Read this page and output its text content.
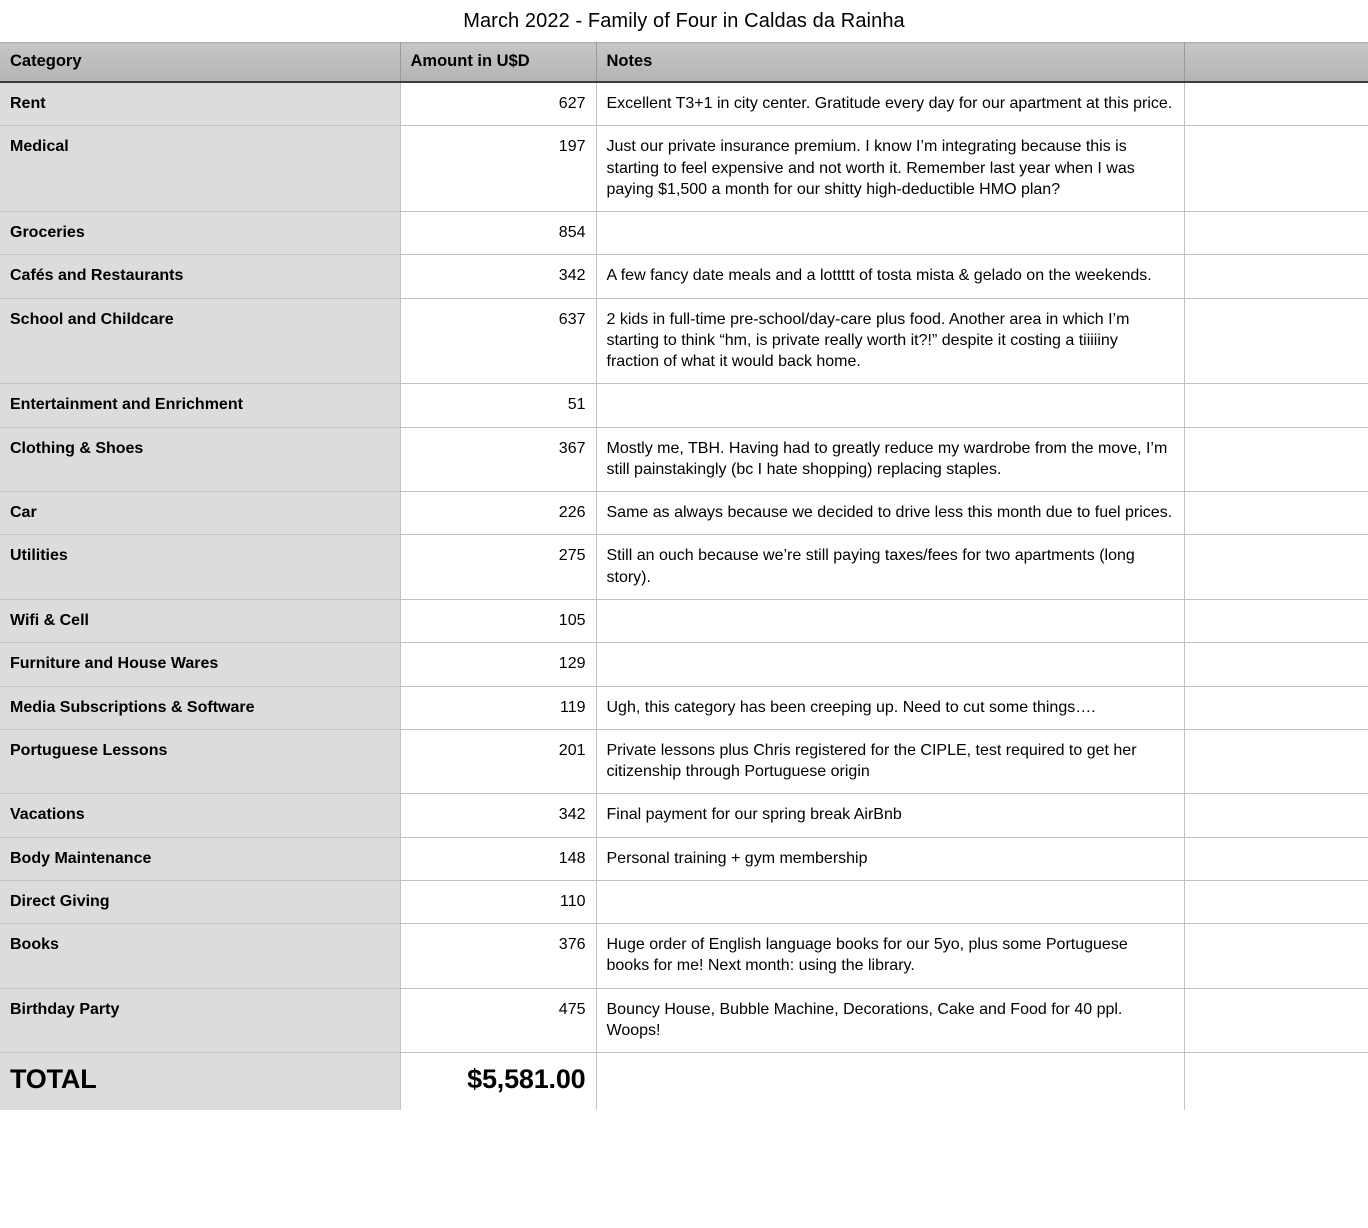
March 2022 - Family of Four in Caldas da Rainha
Category	Amount in U$D	Notes	
Rent	627	Excellent T3+1 in city center. Gratitude every day for our apartment at this price.	
Medical	197	Just our private insurance premium. I know I’m integrating because this is starting to feel expensive and not worth it. Remember last year when I was paying $1,500 a month for our shitty high-deductible HMO plan?	
Groceries	854		
Cafés and Restaurants	342	A few fancy date meals and a lottttt of tosta mista & gelado on the weekends.	
School and Childcare	637	2 kids in full-time pre-school/day-care plus food. Another area in which I’m starting to think “hm, is private really worth it?!” despite it costing a tiiiiiny fraction of what it would back home.	
Entertainment and Enrichment	51		
Clothing & Shoes	367	Mostly me, TBH. Having had to greatly reduce my wardrobe from the move, I’m still painstakingly (bc I hate shopping) replacing staples.	
Car	226	Same as always because we decided to drive less this month due to fuel prices.	
Utilities	275	Still an ouch because we’re still paying taxes/fees for two apartments (long story).	
Wifi & Cell	105		
Furniture and House Wares	129		
Media Subscriptions & Software	119	Ugh, this category has been creeping up. Need to cut some things….	
Portuguese Lessons	201	Private lessons plus Chris registered for the CIPLE, test required to get her citizenship through Portuguese origin	
Vacations	342	Final payment for our spring break AirBnb	
Body Maintenance	148	Personal training + gym membership	
Direct Giving	110		
Books	376	Huge order of English language books for our 5yo, plus some Portuguese books for me! Next month: using the library.	
Birthday Party	475	Bouncy House, Bubble Machine, Decorations, Cake and Food for 40 ppl. Woops!	
TOTAL	$5,581.00		
